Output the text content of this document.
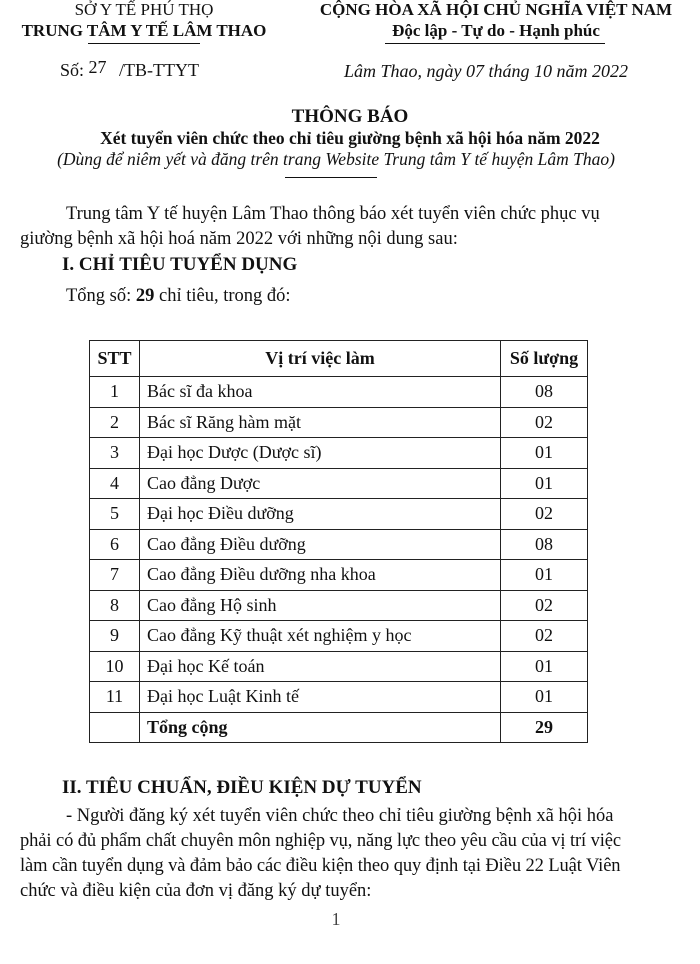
SỞ Y TẾ PHÚ THỌ
TRUNG TÂM Y TẾ LÂM THAO
CỘNG HÒA XÃ HỘI CHỦ NGHĨA VIỆT NAM
Độc lập - Tự do - Hạnh phúc
Số: 27 /TB-TTYT	Lâm Thao, ngày 07 tháng 10 năm 2022
THÔNG BÁO
Xét tuyển viên chức theo chỉ tiêu giường bệnh xã hội hóa năm 2022
(Dùng để niêm yết và đăng trên trang Website Trung tâm Y tế huyện Lâm Thao)
Trung tâm Y tế huyện Lâm Thao thông báo xét tuyển viên chức phục vụ
giường bệnh xã hội hoá năm 2022 với những nội dung sau:
I. CHỈ TIÊU TUYỂN DỤNG
Tổng số: 29 chỉ tiêu, trong đó:
STT	Vị trí việc làm	Số lượng
1	Bác sĩ đa khoa	08
2	Bác sĩ Răng hàm mặt	02
3	Đại học Dược (Dược sĩ)	01
4	Cao đẳng Dược	01
5	Đại học Điều dưỡng	02
6	Cao đẳng Điều dưỡng	08
7	Cao đẳng Điều dưỡng nha khoa	01
8	Cao đẳng Hộ sinh	02
9	Cao đẳng Kỹ thuật xét nghiệm y học	02
10	Đại học Kế toán	01
11	Đại học Luật Kinh tế	01
	Tổng cộng	29
II. TIÊU CHUẨN, ĐIỀU KIỆN DỰ TUYỂN
- Người đăng ký xét tuyển viên chức theo chỉ tiêu giường bệnh xã hội hóa
phải có đủ phẩm chất chuyên môn nghiệp vụ, năng lực theo yêu cầu của vị trí việc
làm cần tuyển dụng và đảm bảo các điều kiện theo quy định tại Điều 22 Luật Viên
chức và điều kiện của đơn vị đăng ký dự tuyển:
1
